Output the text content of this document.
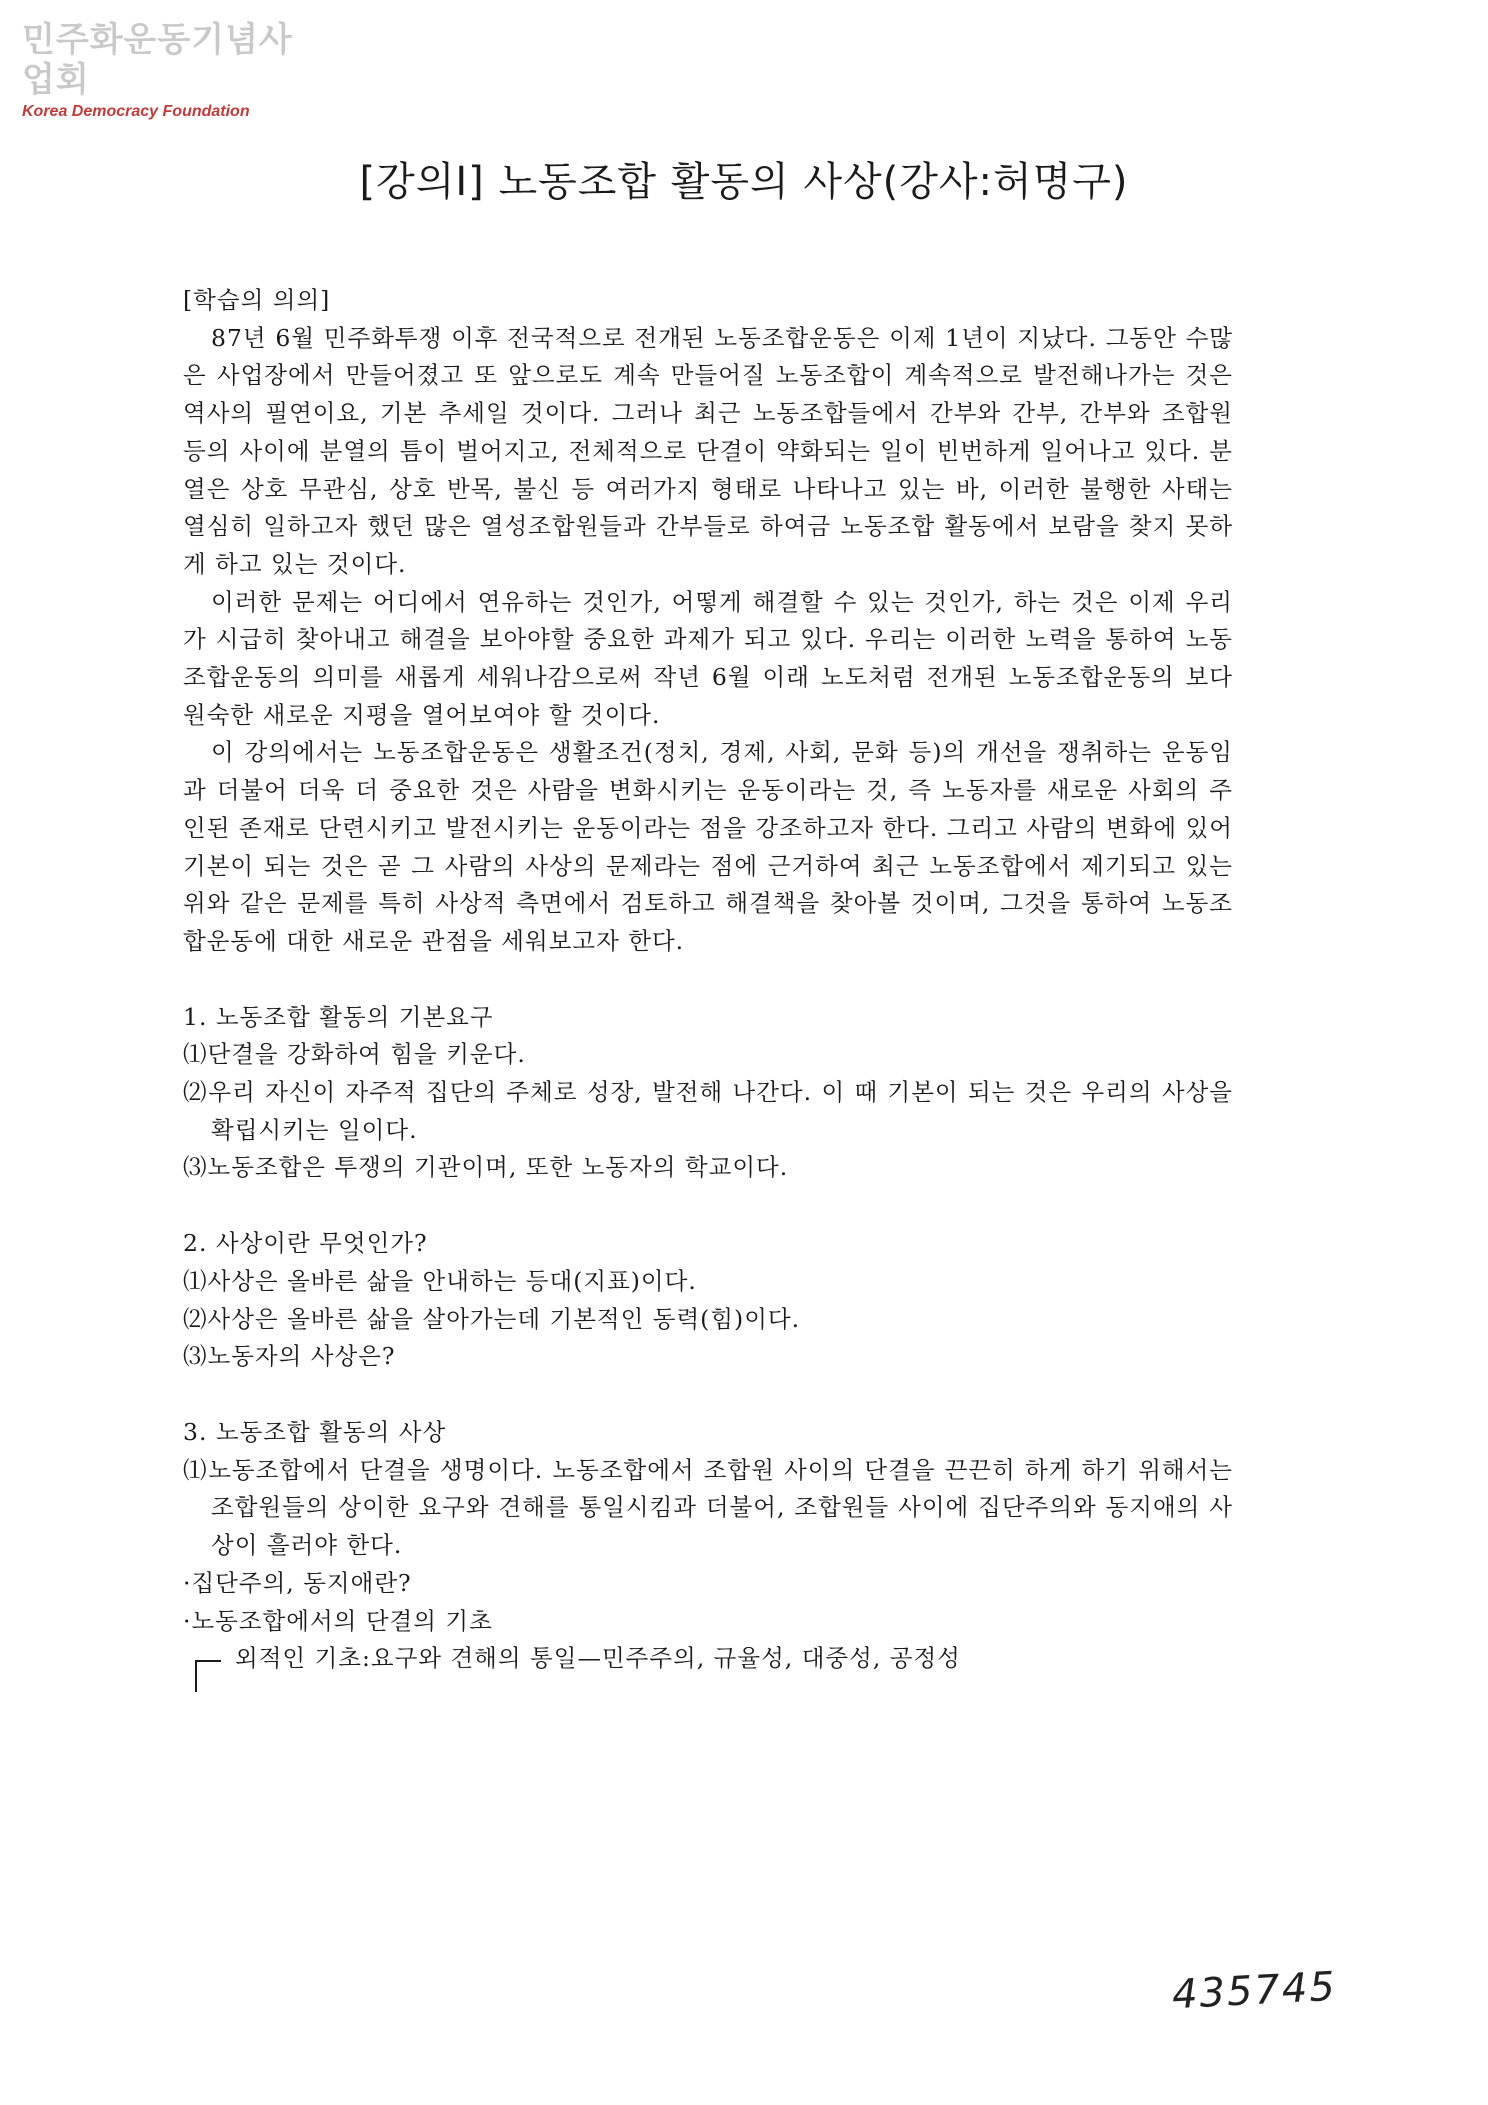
민주화운동기념사업회
Korea Democracy Foundation
[강의Ⅰ] 노동조합 활동의 사상(강사:허명구)

[학습의 의의]

87년 6월 민주화투쟁 이후 전국적으로 전개된 노동조합운동은 이제 1년이 지났다. 그동안 수많은 사업장에서 만들어졌고 또 앞으로도 계속 만들어질 노동조합이 계속적으로 발전해나가는 것은 역사의 필연이요, 기본 추세일 것이다. 그러나 최근 노동조합들에서 간부와 간부, 간부와 조합원 등의 사이에 분열의 틈이 벌어지고, 전체적으로 단결이 약화되는 일이 빈번하게 일어나고 있다. 분열은 상호 무관심, 상호 반목, 불신 등 여러가지 형태로 나타나고 있는 바, 이러한 불행한 사태는 열심히 일하고자 했던 많은 열성조합원들과 간부들로 하여금 노동조합 활동에서 보람을 찾지 못하게 하고 있는 것이다.

이러한 문제는 어디에서 연유하는 것인가, 어떻게 해결할 수 있는 것인가, 하는 것은 이제 우리가 시급히 찾아내고 해결을 보아야할 중요한 과제가 되고 있다. 우리는 이러한 노력을 통하여 노동조합운동의 의미를 새롭게 세워나감으로써 작년 6월 이래 노도처럼 전개된 노동조합운동의 보다 원숙한 새로운 지평을 열어보여야 할 것이다.

이 강의에서는 노동조합운동은 생활조건(정치, 경제, 사회, 문화 등)의 개선을 쟁취하는 운동임과 더불어 더욱 더 중요한 것은 사람을 변화시키는 운동이라는 것, 즉 노동자를 새로운 사회의 주인된 존재로 단련시키고 발전시키는 운동이라는 점을 강조하고자 한다. 그리고 사람의 변화에 있어 기본이 되는 것은 곧 그 사람의 사상의 문제라는 점에 근거하여 최근 노동조합에서 제기되고 있는 위와 같은 문제를 특히 사상적 측면에서 검토하고 해결책을 찾아볼 것이며, 그것을 통하여 노동조합운동에 대한 새로운 관점을 세워보고자 한다.

1. 노동조합 활동의 기본요구

⑴단결을 강화하여 힘을 키운다.

⑵우리 자신이 자주적 집단의 주체로 성장, 발전해 나간다. 이 때 기본이 되는 것은 우리의 사상을 확립시키는 일이다.

⑶노동조합은 투쟁의 기관이며, 또한 노동자의 학교이다.

2. 사상이란 무엇인가?

⑴사상은 올바른 삶을 안내하는 등대(지표)이다.

⑵사상은 올바른 삶을 살아가는데 기본적인 동력(힘)이다.

⑶노동자의 사상은?

3. 노동조합 활동의 사상

⑴노동조합에서 단결을 생명이다. 노동조합에서 조합원 사이의 단결을 끈끈히 하게 하기 위해서는 조합원들의 상이한 요구와 견해를 통일시킴과 더불어, 조합원들 사이에 집단주의와 동지애의 사상이 흘러야 한다.

·집단주의, 동지애란?

·노동조합에서의 단결의 기초

외적인 기초:요구와 견해의 통일—민주주의, 규율성, 대중성, 공정성

435745
